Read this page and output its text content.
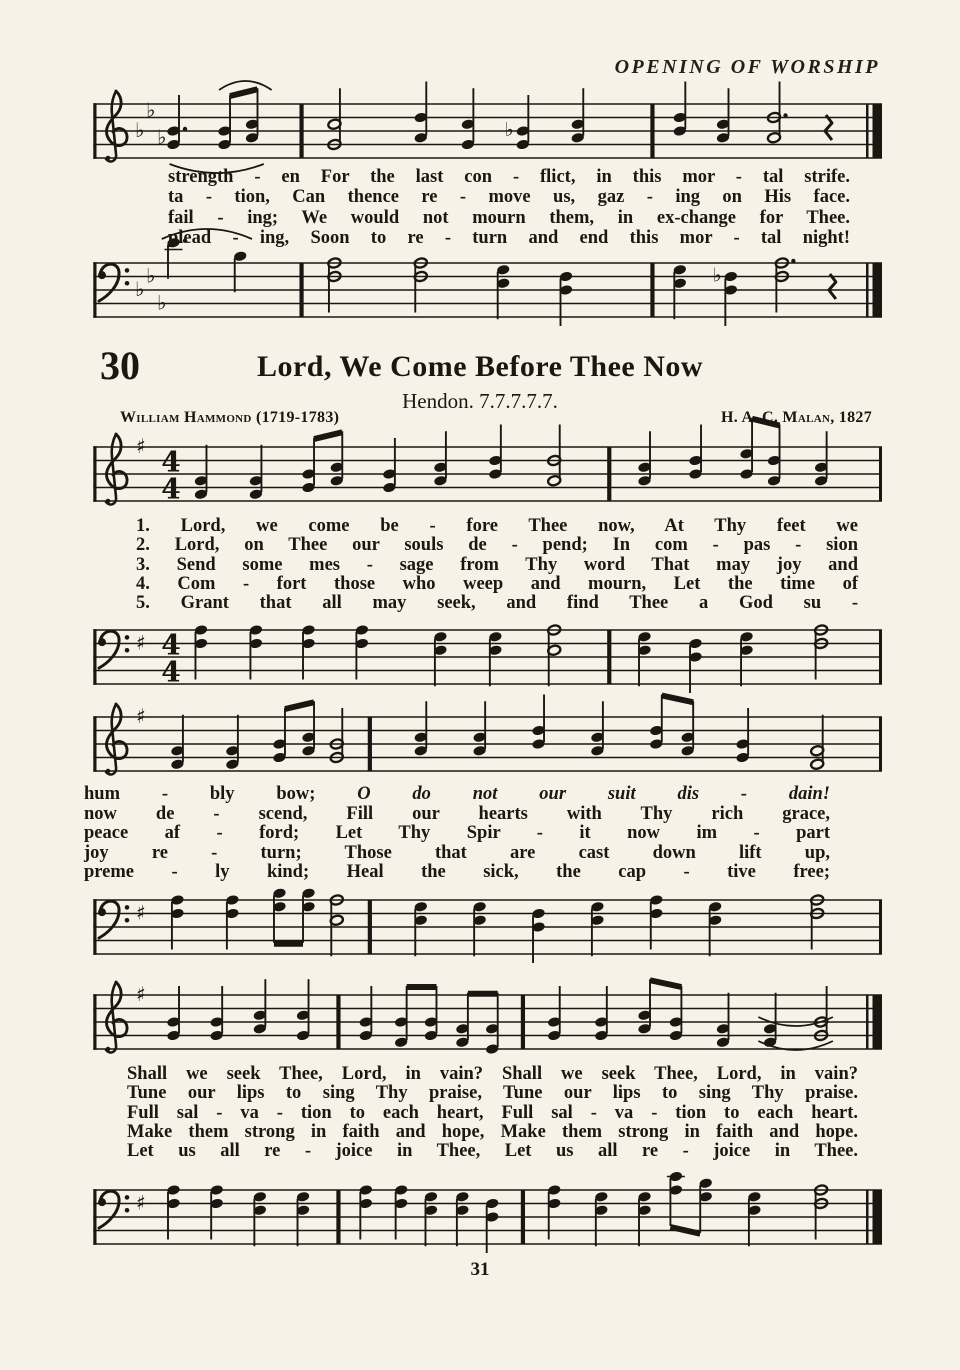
♭
♭
♭	♭
♭
♭
♭
♭
♯ 4
4
♯ 4
4
♯
♯
♯
♯
OPENING OF WORSHIP
strength - en For the last con - flict, in this mor - tal strife.
ta - tion, Can thence re - move us, gaz - ing on His face.
fail - ing; We would not mourn them, in ex-change for Thee.
plead - ing, Soon to re - turn and end this mor - tal night!
30	Lord, We Come Before Thee Now
Hendon. 7.7.7.7.7.
William Hammond (1719-1783)	H. A. C. Malan, 1827
1. Lord, we come be - fore Thee now, At Thy feet we
2. Lord, on Thee our souls de - pend; In com - pas - sion
3. Send some mes - sage from Thy word That may joy and
4. Com - fort those who weep and mourn, Let the time of
5. Grant that all may seek, and find Thee a God su -
hum - bly bow; O do not our suit dis - dain!
now de - scend, Fill our hearts with Thy rich grace,
peace af - ford; Let Thy Spir - it now im - part
joy re - turn; Those that are cast down lift up,
preme - ly kind; Heal the sick, the cap - tive free;
Shall we seek Thee, Lord, in vain? Shall we seek Thee, Lord, in vain?
Tune our lips to sing Thy praise, Tune our lips to sing Thy praise.
Full sal - va - tion to each heart, Full sal - va - tion to each heart.
Make them strong in faith and hope, Make them strong in faith and hope.
Let us all re - joice in Thee, Let us all re - joice in Thee.
31
